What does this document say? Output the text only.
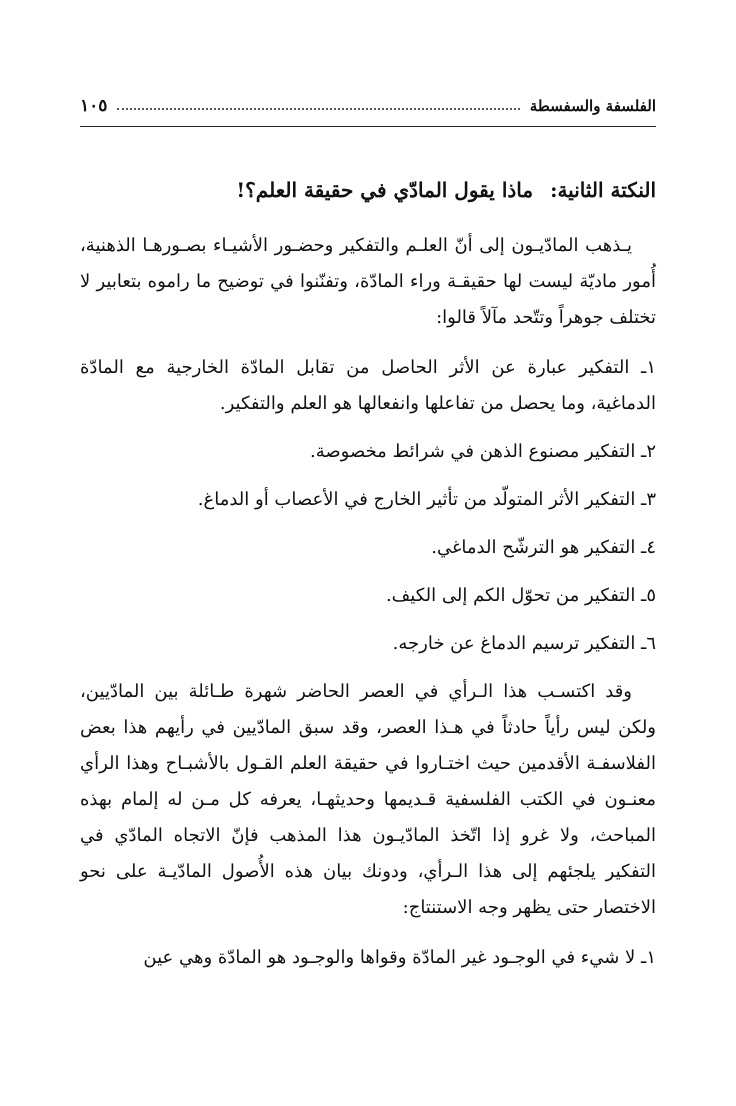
الفلسفة والسفسطة
١٠٥
النكتة الثانية: ماذا يقول المادّي في حقيقة العلم؟!

يـذهب المادّيـون إلى أنّ العلـم والتفكير وحضـور الأشيـاء بصـورهـا الذهنية، أُمور ماديّة ليست لها حقيقـة وراء المادّة، وتفنّنوا في توضيح ما راموه بتعابير لا تختلف جوهراً وتتّحد مآلاً قالوا:

١ـ التفكير عبارة عن الأثر الحاصل من تقابل المادّة الخارجية مع المادّة الدماغية، وما يحصل من تفاعلها وانفعالها هو العلم والتفكير.
٢ـ التفكير مصنوع الذهن في شرائط مخصوصة.
٣ـ التفكير الأثر المتولّد من تأثير الخارج في الأعصاب أو الدماغ.
٤ـ التفكير هو الترشّح الدماغي.
٥ـ التفكير من تحوّل الكم إلى الكيف.
٦ـ التفكير ترسيم الدماغ عن خارجه.

وقد اكتسـب هذا الـرأي في العصر الحاضر شهرة طـائلة بين المادّيين، ولكن ليس رأياً حادثاً في هـذا العصر، وقد سبق المادّيين في رأيهم هذا بعض الفلاسفـة الأقدمين حيث اختـاروا في حقيقة العلم القـول بالأشبـاح وهذا الرأي معنـون في الكتب الفلسفية قـديمها وحديثهـا، يعرفه كل مـن له إلمام بهذه المباحث، ولا غرو إذا اتّخذ المادّيـون هذا المذهب فإنّ الاتجاه المادّي في التفكير يلجئهم إلى هذا الـرأي، ودونك بيان هذه الأُصول المادّيـة على نحو الاختصار حتى يظهر وجه الاستنتاج:

١ـ لا شيء في الوجـود غير المادّة وقواها والوجـود هو المادّة وهي عين
